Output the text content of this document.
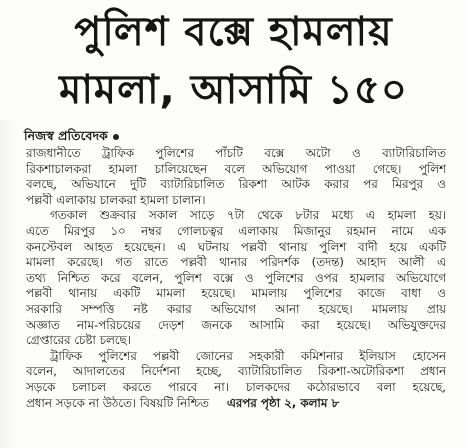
পুলিশ বক্সে হামলায়
মামলা, আসামি ১৫০
নিজস্ব প্রতিবেদক
রাজধানীতে ট্রাফিক পুলিশের পাঁচটি বক্সে অটো ও ব্যাটারিচালিত
রিকশাচালকরা হামলা চালিয়েছেন বলে অভিযোগ পাওয়া গেছে। পুলিশ
বলছে, অভিযানে দুটি ব্যাটারিচালিত রিকশা আটক করার পর মিরপুর ও
পল্লবী এলাকায় চালকরা হামলা চালান।
গতকাল শুক্রবার সকাল সাড়ে ৭টা থেকে ৮টার মধ্যে এ হামলা হয়।
এতে মিরপুর ১০ নম্বর গোলচত্বর এলাকায় মিজানুর রহমান নামে এক
কনস্টেবল আহত হয়েছেন। এ ঘটনায় পল্লবী থানায় পুলিশ বাদী হয়ে একটি
মামলা করেছে। গত রাতে পল্লবী থানার পরিদর্শক (তদন্ত) আহাদ আলী এ
তথ্য নিশ্চিত করে বলেন, পুলিশ বক্সে ও পুলিশের ওপর হামলার অভিযোগে
পল্লবী থানায় একটি মামলা হয়েছে। মামলায় পুলিশের কাজে বাধা ও
সরকারি সম্পত্তি নষ্ট করার অভিযোগ আনা হয়েছে। মামলায় প্রায়
অজ্ঞাত নাম-পরিচয়ের দেড়শ জনকে আসামি করা হয়েছে। অভিযুক্তদের
গ্রেপ্তারের চেষ্টা চলছে।
ট্রাফিক পুলিশের পল্লবী জোনের সহকারী কমিশনার ইলিয়াস হোসেন
বলেন, আদালতের নির্দেশনা হচ্ছে, ব্যাটারিচালিত রিকশা-অটোরিকশা প্রধান
সড়কে চলাচল করতে পারবে না। চালকদের কঠোরভাবে বলা হয়েছে,
প্রধান সড়কে না উঠতে। বিষয়টি নিশ্চিত এরপর পৃষ্ঠা ২, কলাম ৮
